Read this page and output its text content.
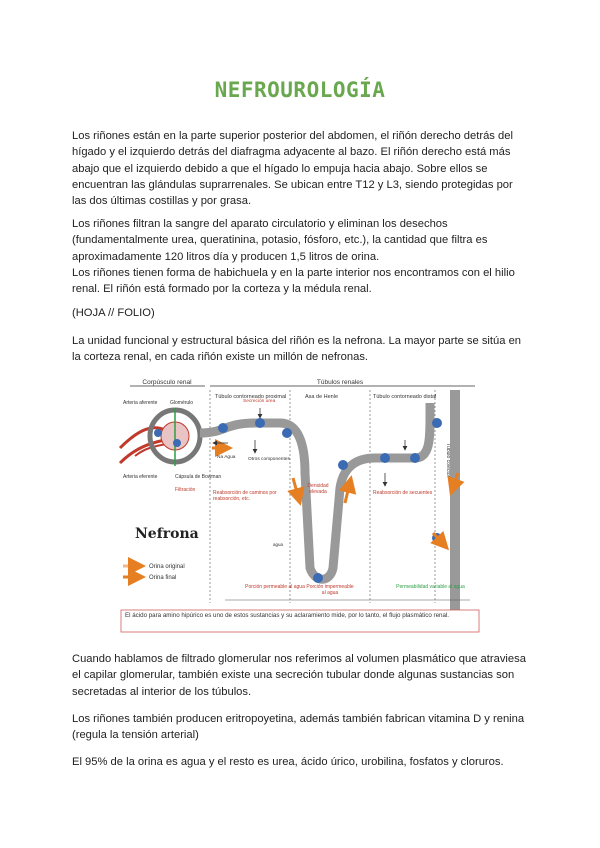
NEFROUROLOGÍA

Los riñones están en la parte superior posterior del abdomen, el riñón derecho detrás del hígado y el izquierdo detrás del diafragma adyacente al bazo. El riñón derecho está más abajo que el izquierdo debido a que el hígado lo empuja hacia abajo. Sobre ellos se encuentran las glándulas suprarrenales. Se ubican entre T12 y L3, siendo protegidas por las dos últimas costillas y por grasa.

Los riñones filtran la sangre del aparato circulatorio y eliminan los desechos (fundamentalmente urea, queratinina, potasio, fósforo, etc.), la cantidad que filtra es aproximadamente 120 litros día y producen 1,5 litros de orina.

Los riñones tienen forma de habichuela y en la parte interior nos encontramos con el hilio renal. El riñón está formado por la corteza y la médula renal.

(HOJA // FOLIO)

La unidad funcional y estructural básica del riñón es la nefrona. La mayor parte se sitúa en la corteza renal, en cada riñón existe un millón de nefronas.

Corpúsculo renal	Túbulos renales
Túbulo contorneado proximal	Asa de Henle	Túbulo contorneado distal
Túbulo colector
Arteria aferente
Arteria eferente
Glomérulo
Cápsula de Bowman
Filtración
Secreción urea
Na Agua	Otros componentes
Reabsorción de caminos por reabsorción, etc.
Densidad elevada	Reabsorción de secuentes
agua
Porción permeable al agua Porción impermeable al agua
Permeabilidad variable al agua
Nefrona
Orina original
Orina final
El ácido para amino hipúrico es uno de estos sustancias y su aclaramiento mide, por lo tanto, el flujo plasmático renal.

Cuando hablamos de filtrado glomerular nos referimos al volumen plasmático que atraviesa el capilar glomerular, también existe una secreción tubular donde algunas sustancias son secretadas al interior de los túbulos.

Los riñones también producen eritropoyetina, además también fabrican vitamina D y renina (regula la tensión arterial)

El 95% de la orina es agua y el resto es urea, ácido úrico, urobilina, fosfatos y cloruros.
